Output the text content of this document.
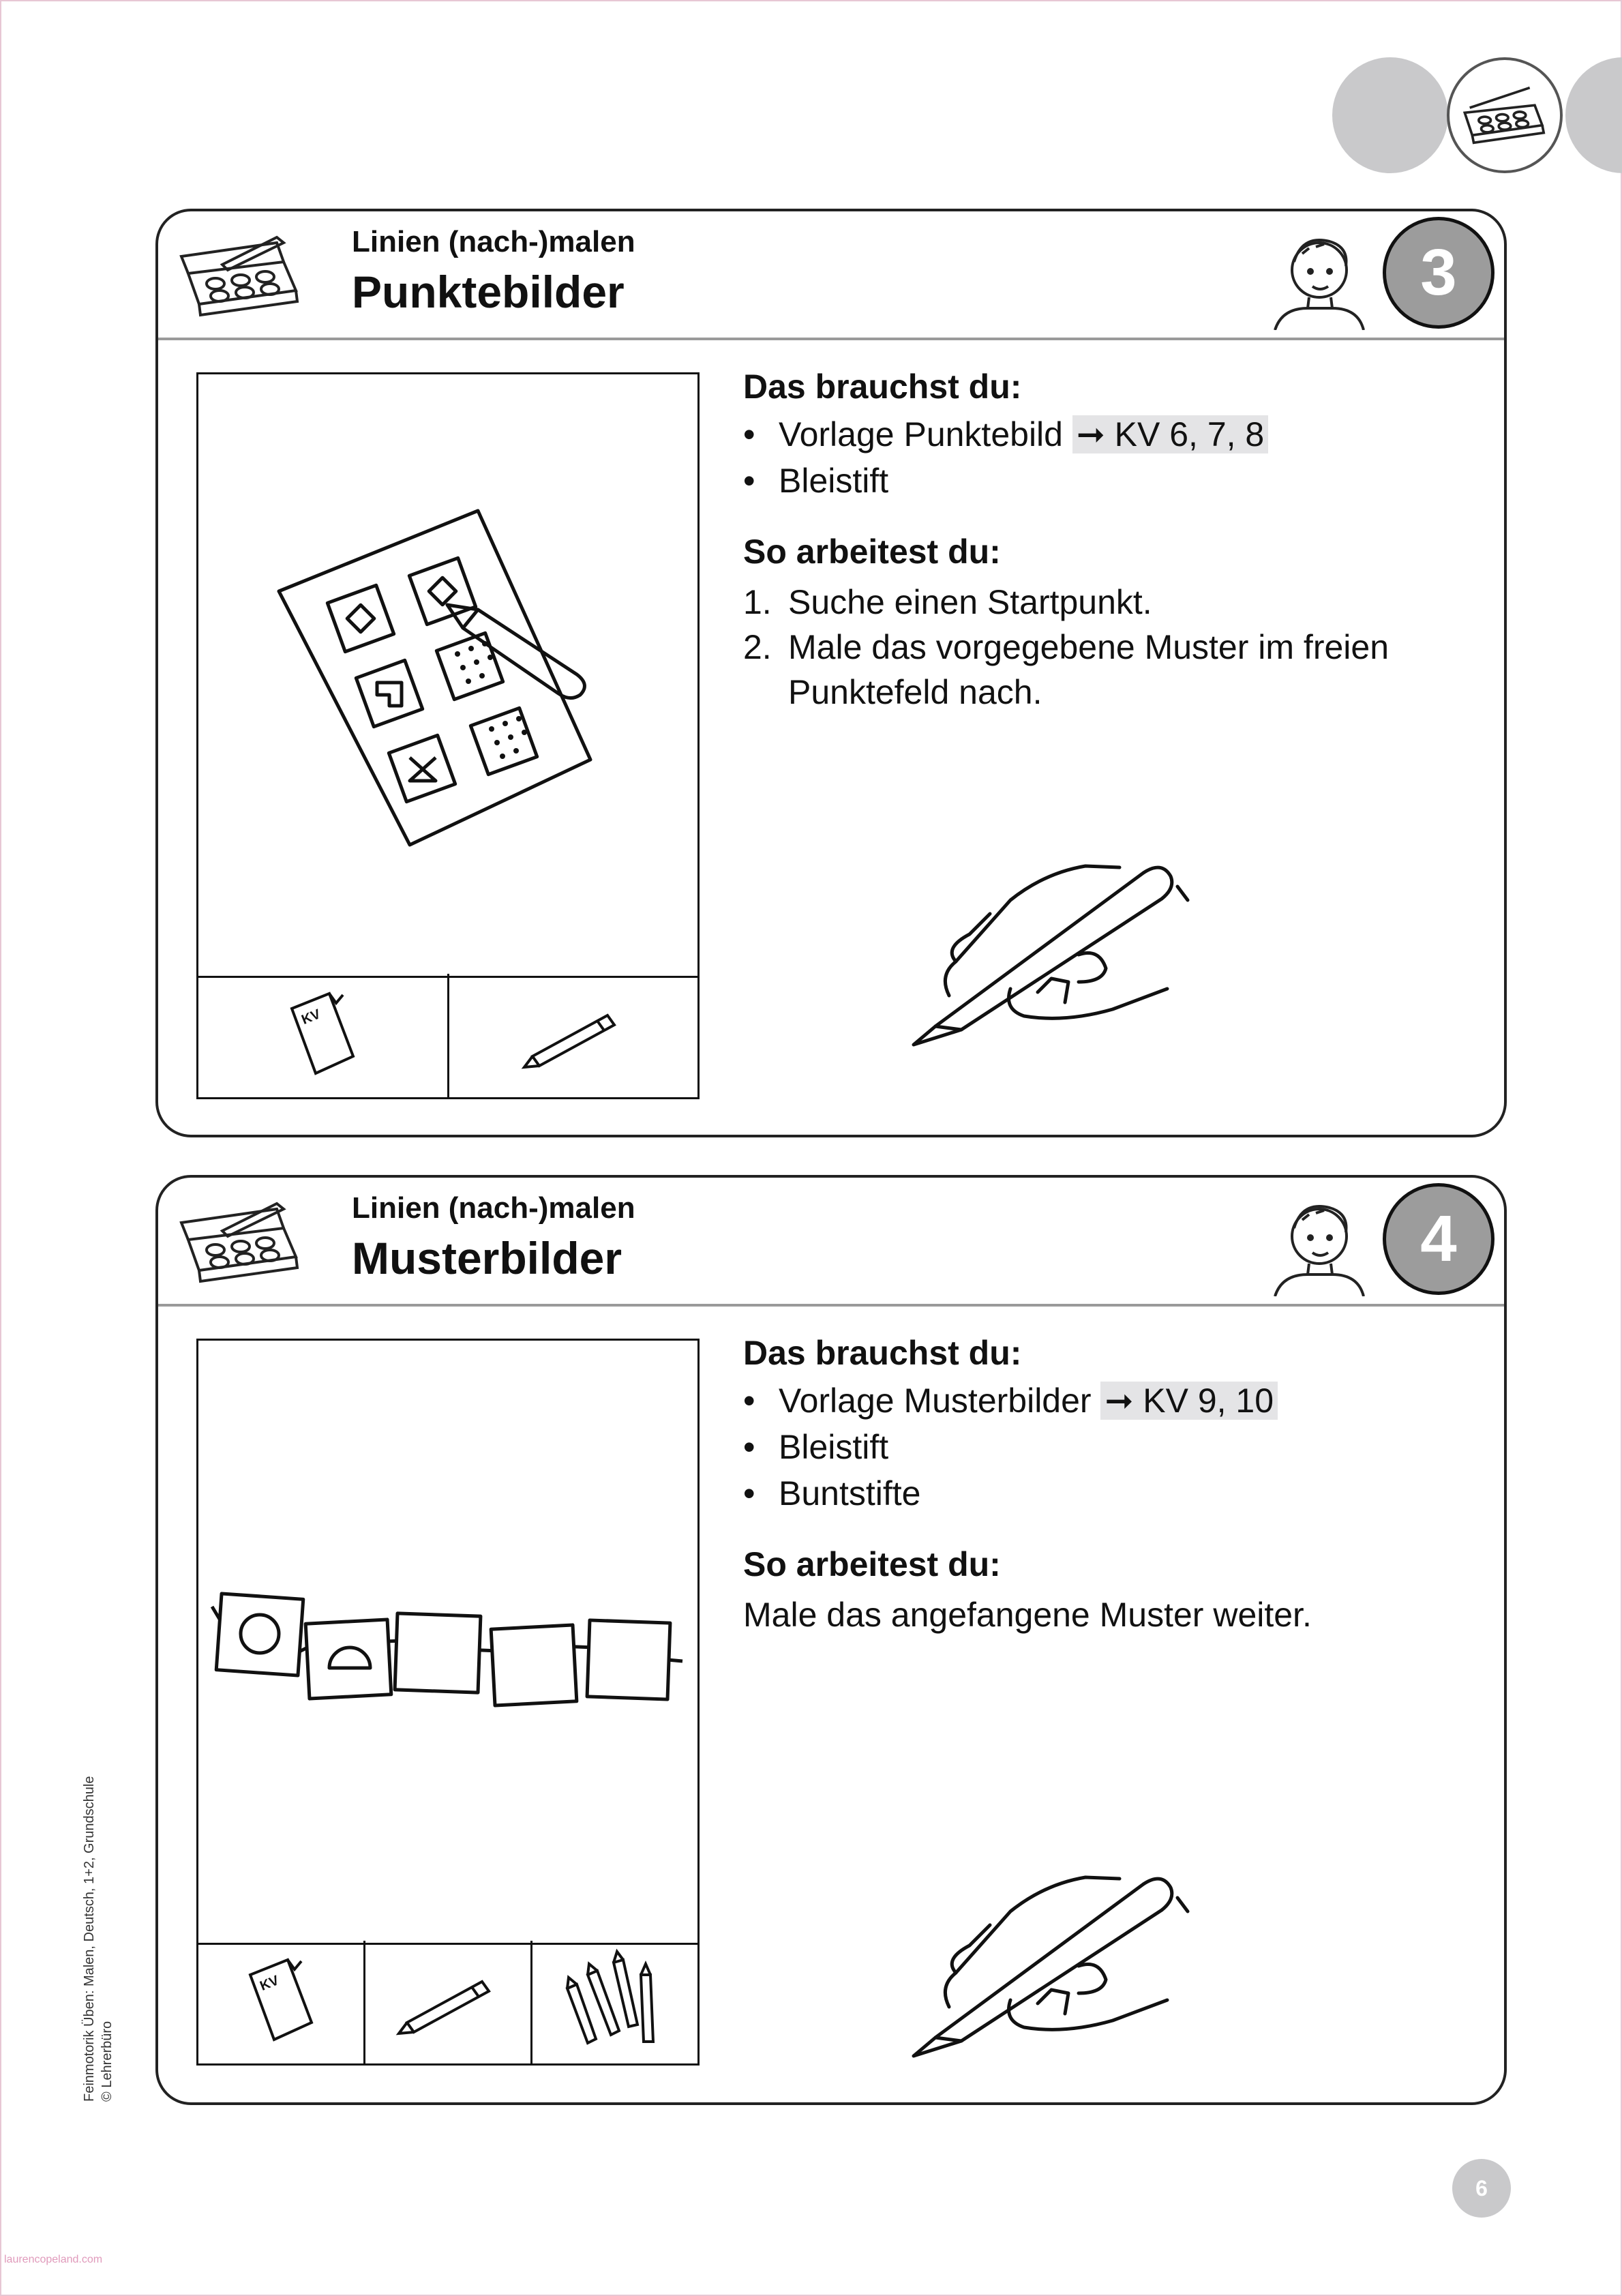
Linien (nach-)malen
Punktebilder	3
KV
Das brauchst du:
• Vorlage Punktebild ➞ KV 6, 7, 8
• Bleistift
So arbeitest du:
1. Suche einen Startpunkt.
2. Male das vorgegebene Muster im freien Punktefeld nach.
Linien (nach-)malen
Musterbilder	4
KV
Das brauchst du:
• Vorlage Musterbilder ➞ KV 9, 10
• Bleistift
• Buntstifte
So arbeitest du:
Male das angefangene Muster weiter.
Feinmotorik Üben: Malen, Deutsch, 1+2, Grundschule © Lehrerbüro
6
laurencopeland.com
